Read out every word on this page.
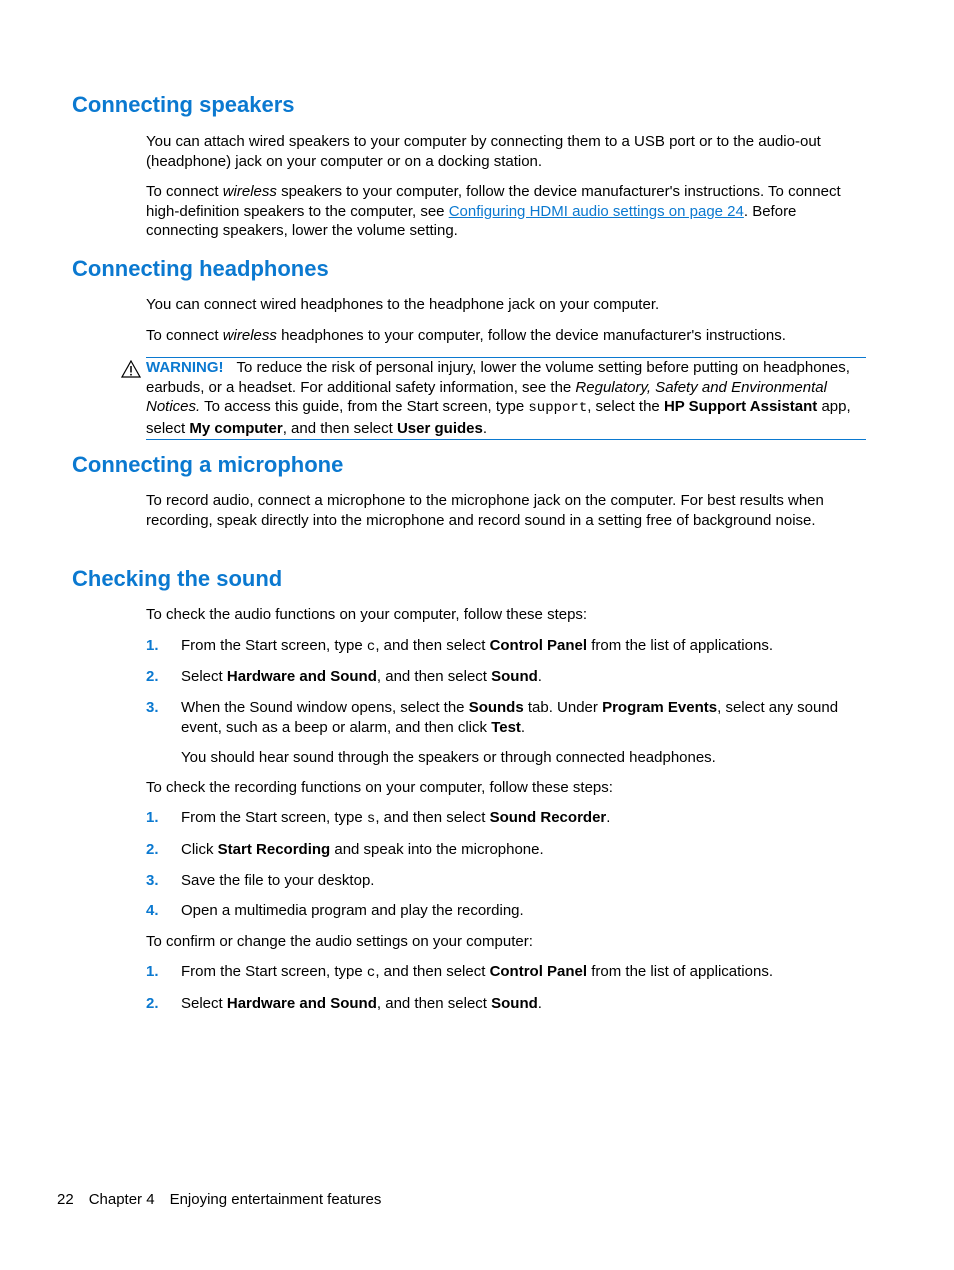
Connecting speakers

You can attach wired speakers to your computer by connecting them to a USB port or to the audio-out (headphone) jack on your computer or on a docking station.

To connect wireless speakers to your computer, follow the device manufacturer's instructions. To connect high-definition speakers to the computer, see Configuring HDMI audio settings on page 24. Before connecting speakers, lower the volume setting.

Connecting headphones

You can connect wired headphones to the headphone jack on your computer.

To connect wireless headphones to your computer, follow the device manufacturer's instructions.

WARNING! To reduce the risk of personal injury, lower the volume setting before putting on headphones, earbuds, or a headset. For additional safety information, see the Regulatory, Safety and Environmental Notices. To access this guide, from the Start screen, type support, select the HP Support Assistant app, select My computer, and then select User guides.

Connecting a microphone

To record audio, connect a microphone to the microphone jack on the computer. For best results when recording, speak directly into the microphone and record sound in a setting free of background noise.

Checking the sound

To check the audio functions on your computer, follow these steps:

1. From the Start screen, type c, and then select Control Panel from the list of applications.
2. Select Hardware and Sound, and then select Sound.
3. When the Sound window opens, select the Sounds tab. Under Program Events, select any sound event, such as a beep or alarm, and then click Test.

You should hear sound through the speakers or through connected headphones.

To check the recording functions on your computer, follow these steps:

1. From the Start screen, type s, and then select Sound Recorder.
2. Click Start Recording and speak into the microphone.
3. Save the file to your desktop.
4. Open a multimedia program and play the recording.

To confirm or change the audio settings on your computer:

1. From the Start screen, type c, and then select Control Panel from the list of applications.
2. Select Hardware and Sound, and then select Sound.
22 Chapter 4 Enjoying entertainment features
